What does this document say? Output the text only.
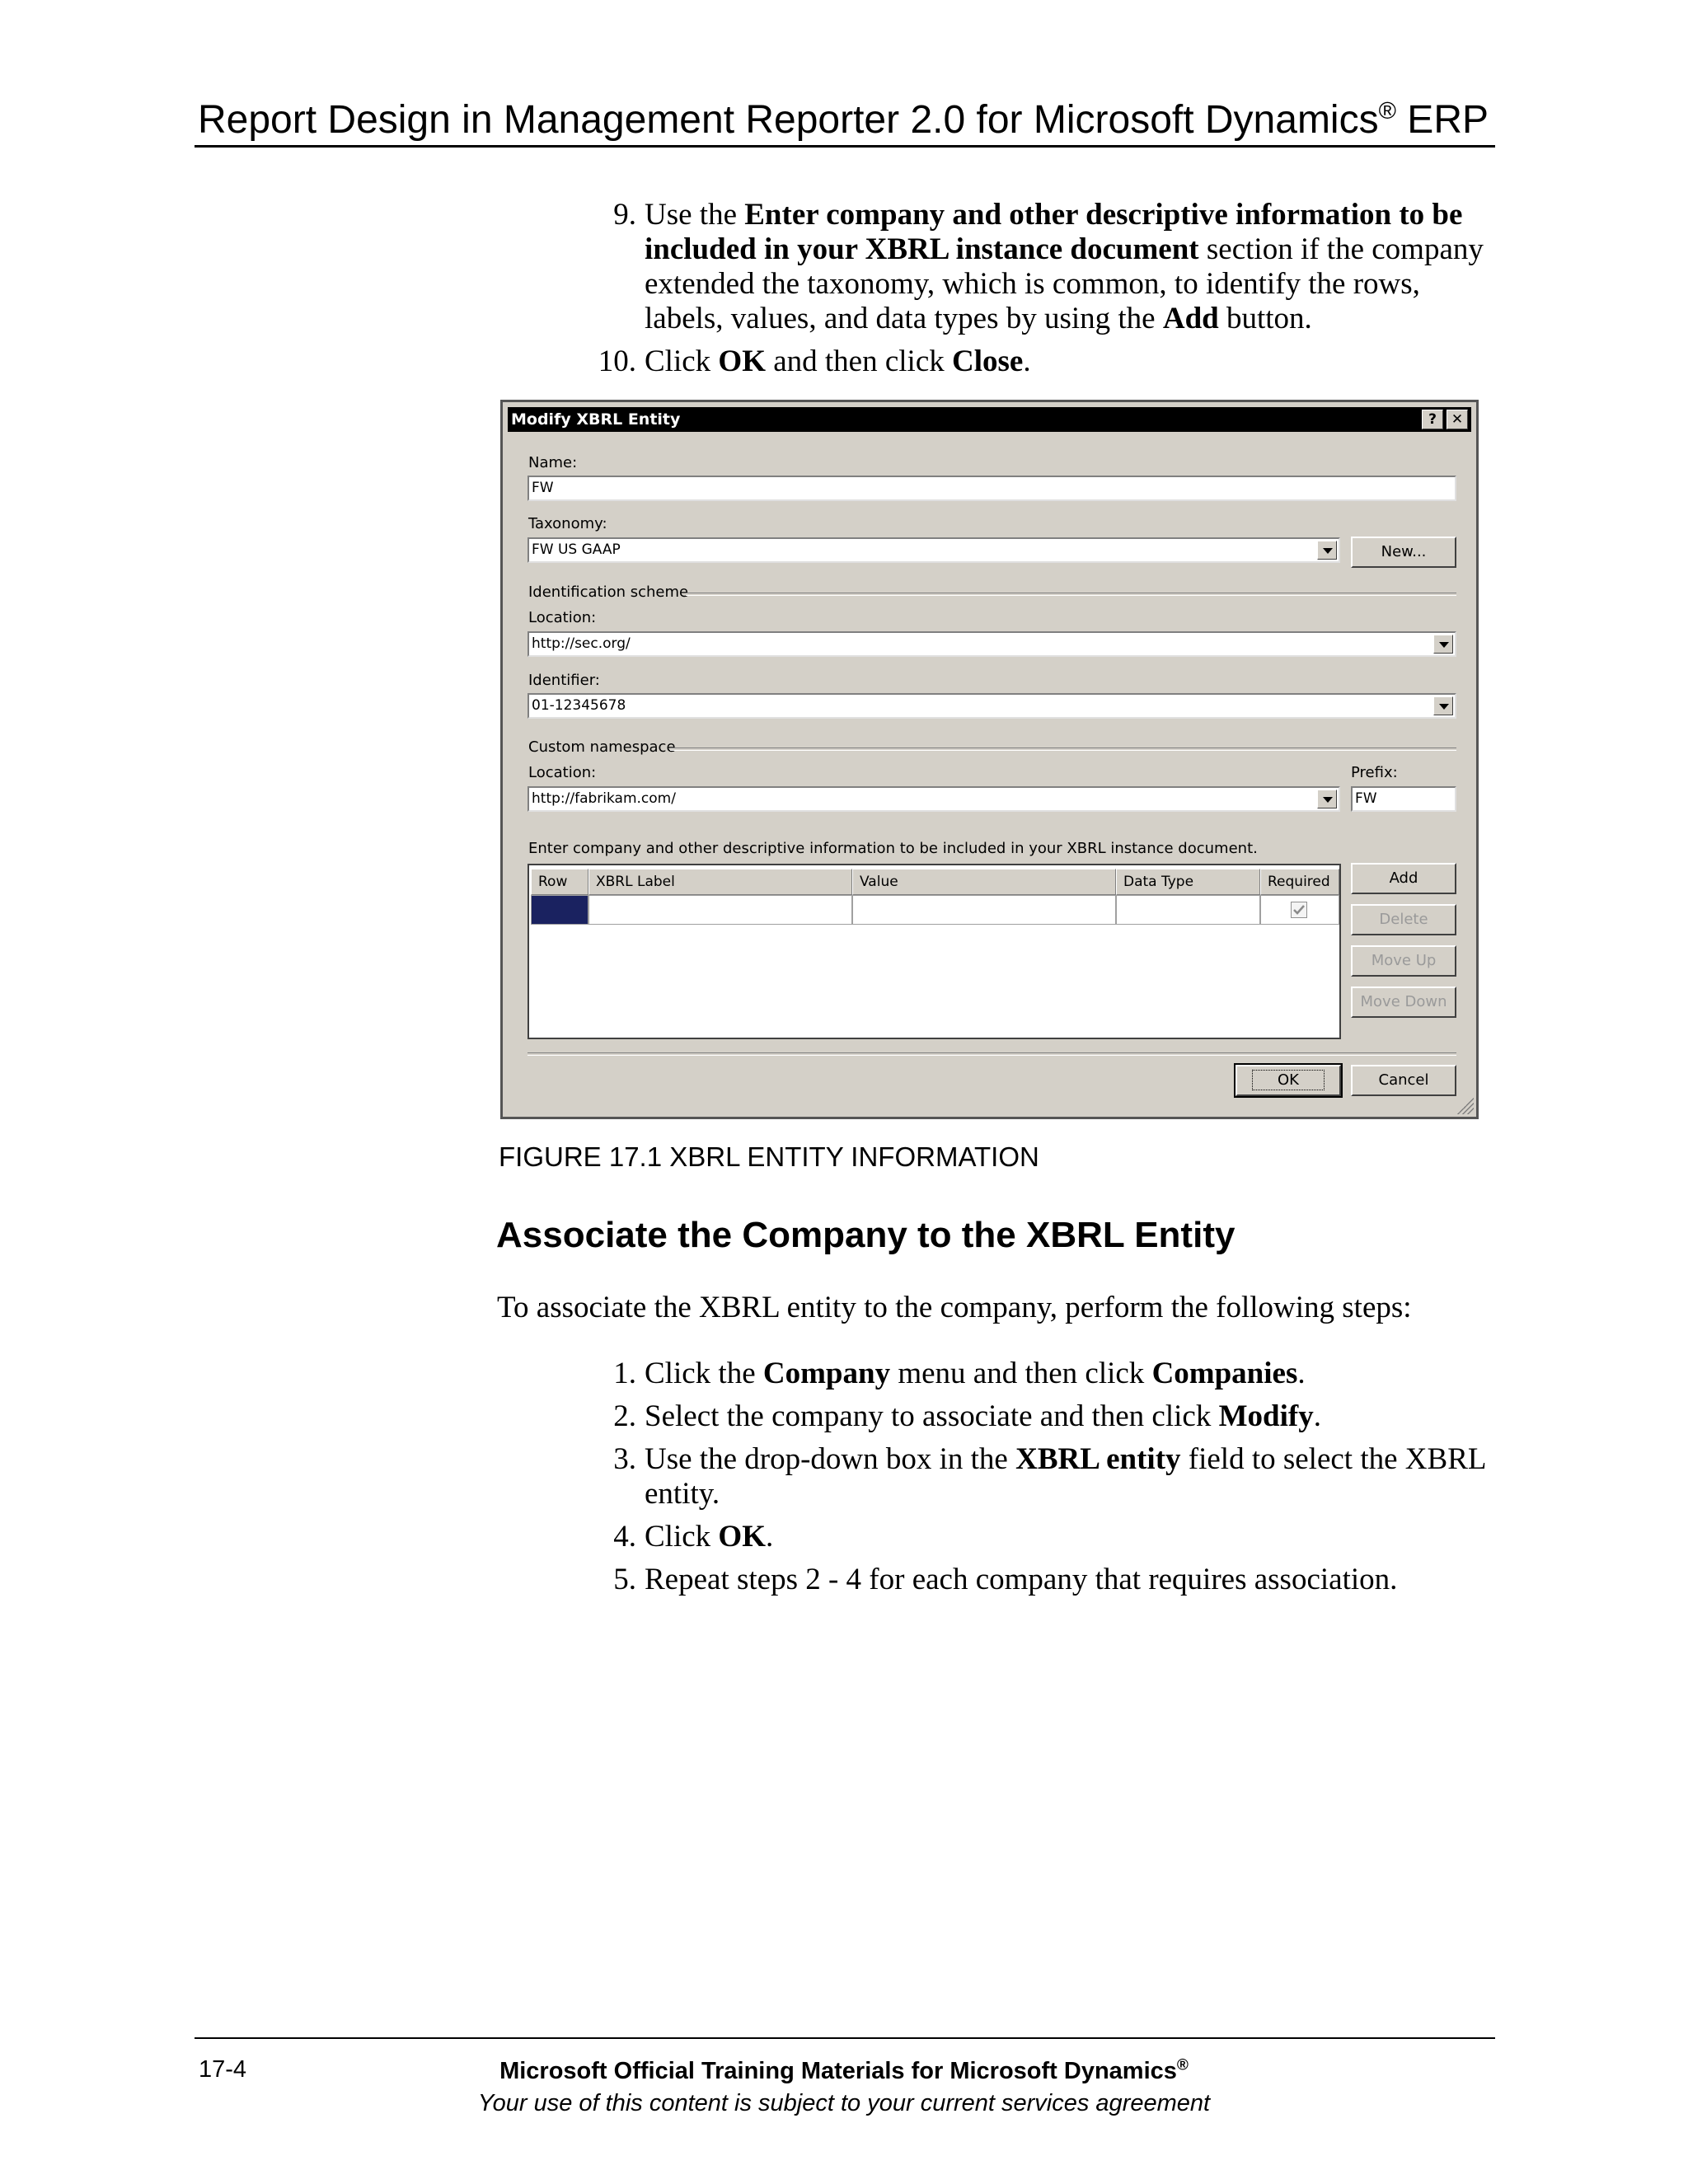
Report Design in Management Reporter 2.0 for Microsoft Dynamics® ERP
9. Use the Enter company and other descriptive information to be included in your XBRL instance document section if the company extended the taxonomy, which is common, to identify the rows, labels, values, and data types by using the Add button.
10. Click OK and then click Close.
Modify XBRL Entity	?	✕
Name:
FW
Taxonomy:
FW US GAAP	New...
Identification scheme
Location:
http://sec.org/
Identifier:
01-12345678
Custom namespace
Location:
http://fabrikam.com/
Prefix:
FW
Enter company and other descriptive information to be included in your XBRL instance document.
Row	XBRL Label	Value	Data Type	Required	Add
Delete
Move Up
Move Down
OK	Cancel
FIGURE 17.1 XBRL ENTITY INFORMATION
Associate the Company to the XBRL Entity
To associate the XBRL entity to the company, perform the following steps:
1. Click the Company menu and then click Companies.
2. Select the company to associate and then click Modify.
3. Use the drop-down box in the XBRL entity field to select the XBRL entity.
4. Click OK.
5. Repeat steps 2 - 4 for each company that requires association.
17-4	Microsoft Official Training Materials for Microsoft Dynamics®
Your use of this content is subject to your current services agreement
